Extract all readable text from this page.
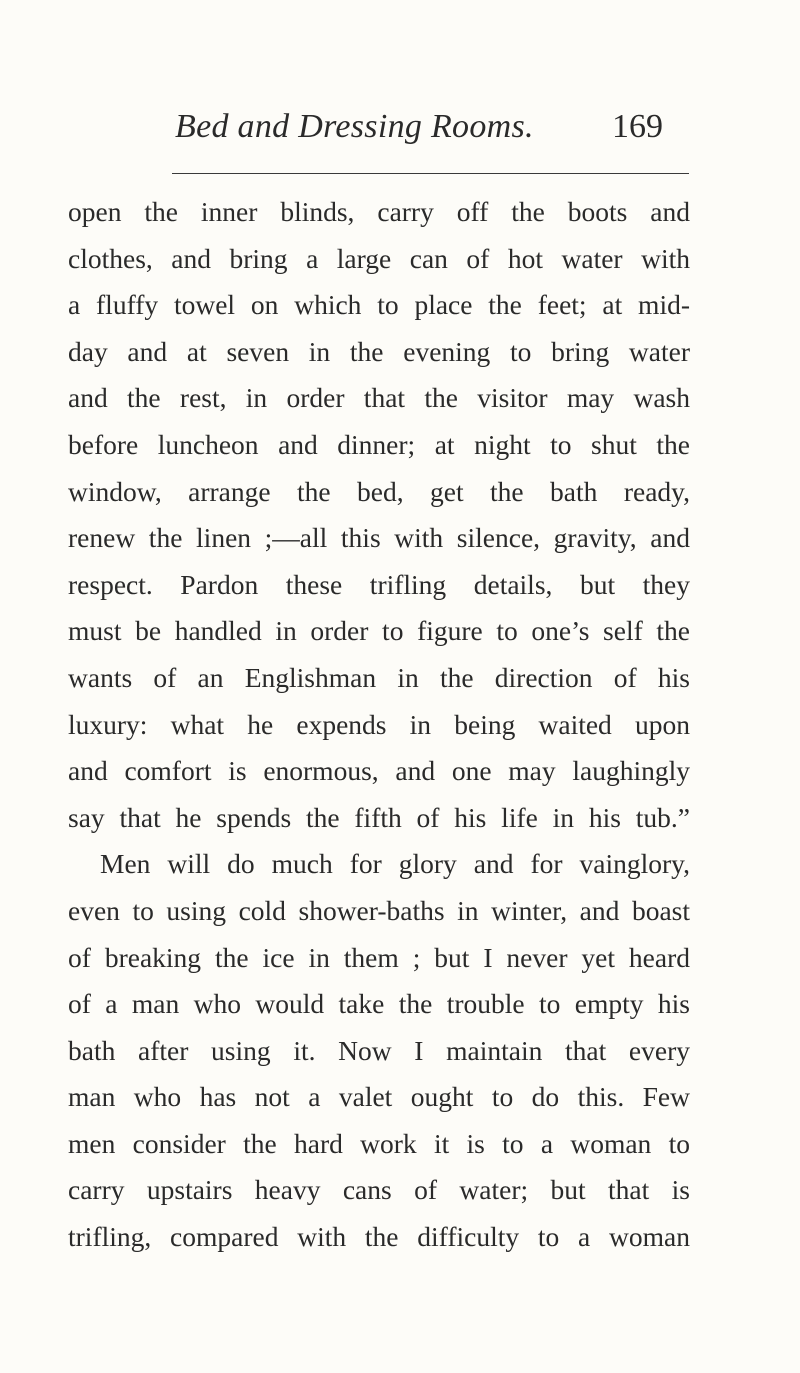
Bed and Dressing Rooms. 169
open the inner blinds, carry off the boots and
clothes, and bring a large can of hot water with
a fluffy towel on which to place the feet; at mid-
day and at seven in the evening to bring water
and the rest, in order that the visitor may wash
before luncheon and dinner; at night to shut the
window, arrange the bed, get the bath ready,
renew the linen ;—all this with silence, gravity, and
respect. Pardon these trifling details, but they
must be handled in order to figure to one’s self the
wants of an Englishman in the direction of his
luxury: what he expends in being waited upon
and comfort is enormous, and one may laughingly
say that he spends the fifth of his life in his tub.”
Men will do much for glory and for vainglory,
even to using cold shower-baths in winter, and boast
of breaking the ice in them ; but I never yet heard
of a man who would take the trouble to empty his
bath after using it. Now I maintain that every
man who has not a valet ought to do this. Few
men consider the hard work it is to a woman to
carry upstairs heavy cans of water; but that is
trifling, compared with the difficulty to a woman
